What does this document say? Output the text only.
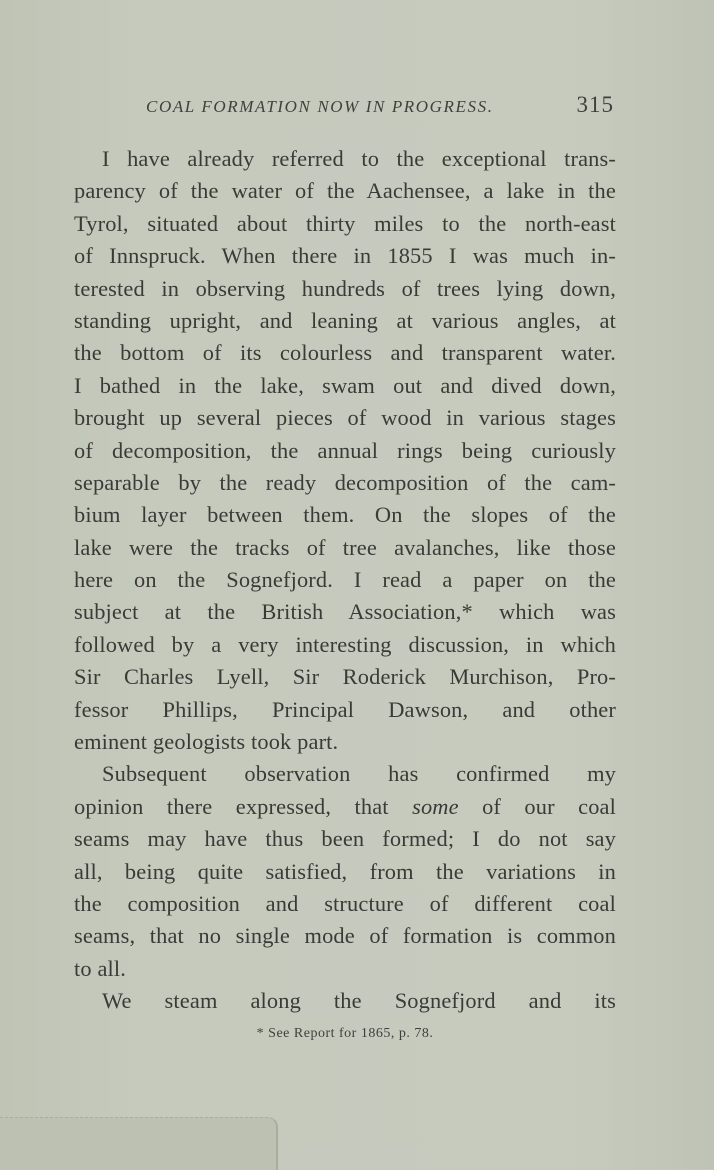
COAL FORMATION NOW IN PROGRESS.	315
I have already referred to the exceptional trans-
parency of the water of the Aachensee, a lake in the
Tyrol, situated about thirty miles to the north-east
of Innspruck. When there in 1855 I was much in-
terested in observing hundreds of trees lying down,
standing upright, and leaning at various angles, at
the bottom of its colourless and transparent water.
I bathed in the lake, swam out and dived down,
brought up several pieces of wood in various stages
of decomposition, the annual rings being curiously
separable by the ready decomposition of the cam-
bium layer between them. On the slopes of the
lake were the tracks of tree avalanches, like those
here on the Sognefjord. I read a paper on the
subject at the British Association,* which was
followed by a very interesting discussion, in which
Sir Charles Lyell, Sir Roderick Murchison, Pro-
fessor Phillips, Principal Dawson, and other
eminent geologists took part.
Subsequent observation has confirmed my
opinion there expressed, that some of our coal
seams may have thus been formed; I do not say
all, being quite satisfied, from the variations in
the composition and structure of different coal
seams, that no single mode of formation is common
to all.
We steam along the Sognefjord and its
* See Report for 1865, p. 78.
